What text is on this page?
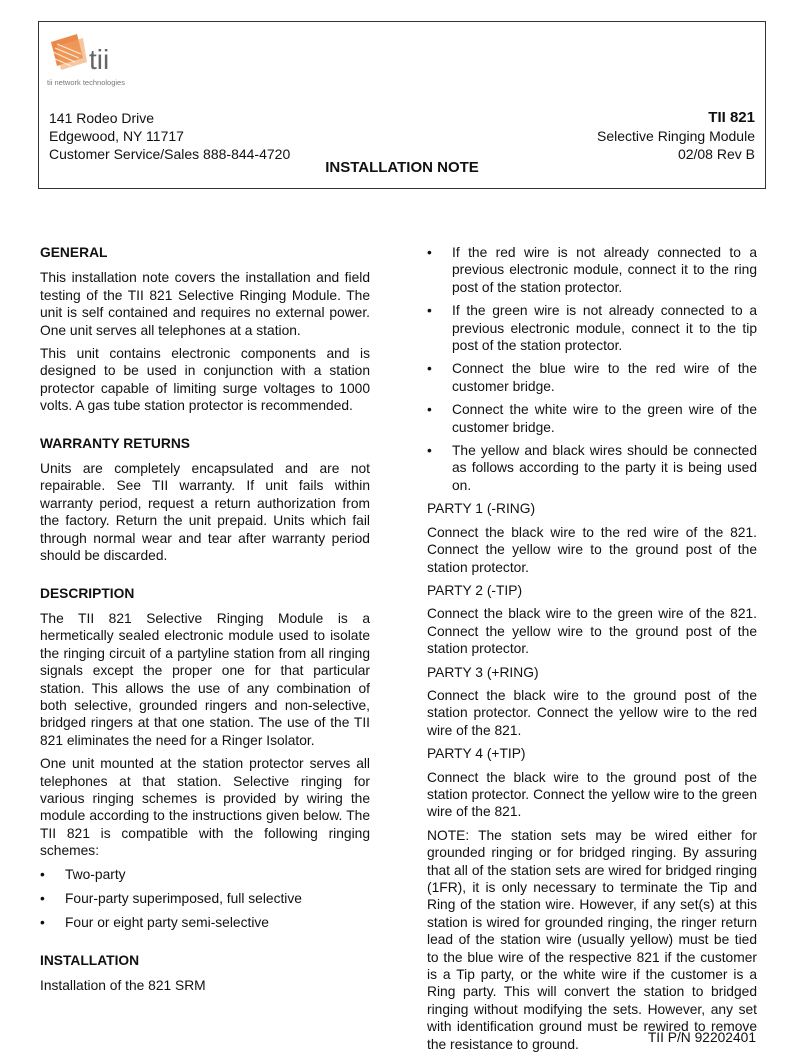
tii
tii network technologies
141 Rodeo Drive
Edgewood, NY 11717
Customer Service/Sales 888-844-4720
TII 821
Selective Ringing Module
02/08 Rev B
INSTALLATION NOTE
GENERAL

This installation note covers the installation and field testing of the TII 821 Selective Ringing Module. The unit is self contained and requires no external power. One unit serves all telephones at a station.

This unit contains electronic components and is designed to be used in conjunction with a station protector capable of limiting surge voltages to 1000 volts. A gas tube station protector is recommended.

WARRANTY RETURNS

Units are completely encapsulated and are not repairable. See TII warranty. If unit fails within warranty period, request a return authorization from the factory. Return the unit prepaid. Units which fail through normal wear and tear after warranty period should be discarded.

DESCRIPTION

The TII 821 Selective Ringing Module is a hermetically sealed electronic module used to isolate the ringing circuit of a partyline station from all ringing signals except the proper one for that particular station. This allows the use of any combination of both selective, grounded ringers and non-selective, bridged ringers at that one station. The use of the TII 821 eliminates the need for a Ringer Isolator.

One unit mounted at the station protector serves all telephones at that station. Selective ringing for various ringing schemes is provided by wiring the module according to the instructions given below. The TII 821 is compatible with the following ringing schemes:

• Two-party
• Four-party superimposed, full selective
• Four or eight party semi-selective
INSTALLATION

Installation of the 821 SRM

• If the red wire is not already connected to a previous electronic module, connect it to the ring post of the station protector.
• If the green wire is not already connected to a previous electronic module, connect it to the tip post of the station protector.
• Connect the blue wire to the red wire of the customer bridge.
• Connect the white wire to the green wire of the customer bridge.
• The yellow and black wires should be connected as follows according to the party it is being used on.

PARTY 1 (-RING)

Connect the black wire to the red wire of the 821. Connect the yellow wire to the ground post of the station protector.

PARTY 2 (-TIP)

Connect the black wire to the green wire of the 821. Connect the yellow wire to the ground post of the station protector.

PARTY 3 (+RING)

Connect the black wire to the ground post of the station protector. Connect the yellow wire to the red wire of the 821.

PARTY 4 (+TIP)

Connect the black wire to the ground post of the station protector. Connect the yellow wire to the green wire of the 821.

NOTE: The station sets may be wired either for grounded ringing or for bridged ringing. By assuring that all of the station sets are wired for bridged ringing (1FR), it is only necessary to terminate the Tip and Ring of the station wire. However, if any set(s) at this station is wired for grounded ringing, the ringer return lead of the station wire (usually yellow) must be tied to the blue wire of the respective 821 if the customer is a Tip party, or the white wire if the customer is a Ring party. This will convert the station to bridged ringing without modifying the sets. However, any set with identification ground must be rewired to remove the resistance to ground.	TII P/N 92202401
